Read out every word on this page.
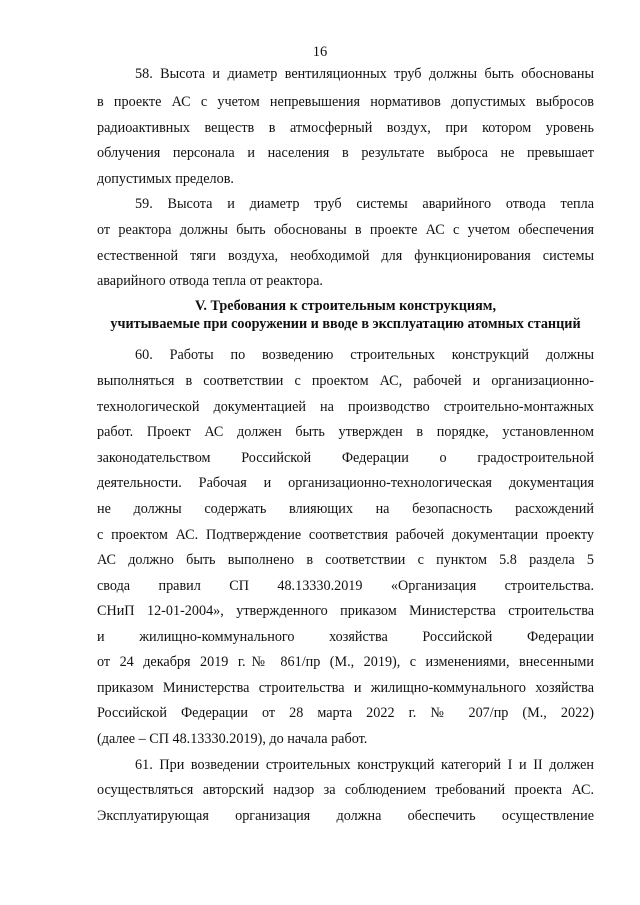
16
58. Высота и диаметр вентиляционных труб должны быть обоснованы
в проекте АС с учетом непревышения нормативов допустимых выбросов
радиоактивных веществ в атмосферный воздух, при котором уровень
облучения персонала и населения в результате выброса не превышает
допустимых пределов.
59. Высота и диаметр труб системы аварийного отвода тепла
от реактора должны быть обоснованы в проекте АС с учетом обеспечения
естественной тяги воздуха, необходимой для функционирования системы
аварийного отвода тепла от реактора.
V. Требования к строительным конструкциям,
учитываемые при сооружении и вводе в эксплуатацию атомных станций
60. Работы по возведению строительных конструкций должны
выполняться в соответствии с проектом АС, рабочей и организационно-
технологической документацией на производство строительно-монтажных
работ. Проект АС должен быть утвержден в порядке, установленном
законодательством Российской Федерации о градостроительной
деятельности. Рабочая и организационно-технологическая документация
не должны содержать влияющих на безопасность расхождений
с проектом АС. Подтверждение соответствия рабочей документации проекту
АС должно быть выполнено в соответствии с пунктом 5.8 раздела 5
свода правил СП 48.13330.2019 «Организация строительства.
СНиП 12-01-2004», утвержденного приказом Министерства строительства
и жилищно-коммунального хозяйства Российской Федерации
от 24 декабря 2019 г.№ 861/пр (М., 2019), с изменениями, внесенными
приказом Министерства строительства и жилищно-коммунального хозяйства
Российской Федерации от 28 марта 2022 г. № 207/пр (М., 2022)
(далее – СП 48.13330.2019), до начала работ.
61. При возведении строительных конструкций категорий I и II должен
осуществляться авторский надзор за соблюдением требований проекта АС.
Эксплуатирующая организация должна обеспечить осуществление
